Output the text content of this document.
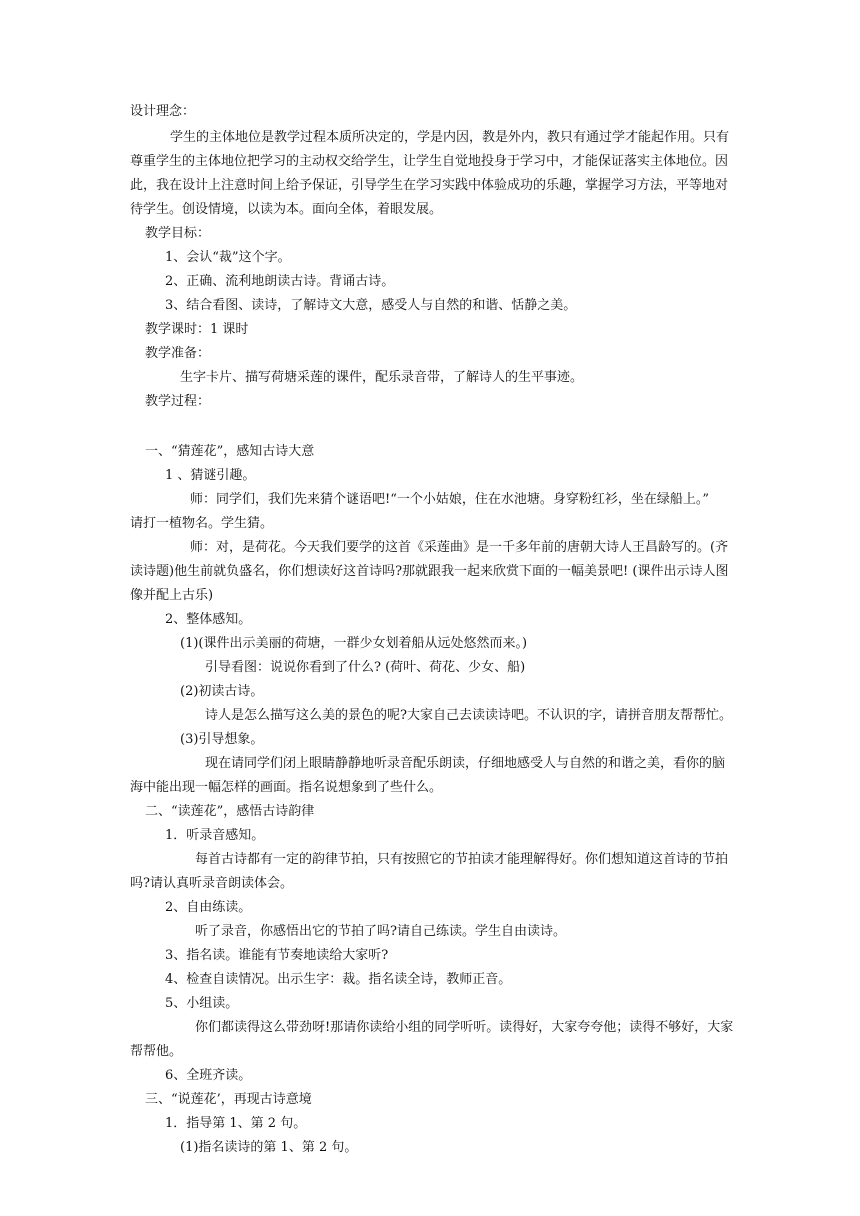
设计理念：
学生的主体地位是教学过程本质所决定的，学是内因，教是外内，教只有通过学才能起作用。只有
尊重学生的主体地位把学习的主动权交给学生，让学生自觉地投身于学习中，才能保证落实主体地位。因
此，我在设计上注意时间上给予保证，引导学生在学习实践中体验成功的乐趣，掌握学习方法，平等地对
待学生。创设情境，以读为本。面向全体，着眼发展。
教学目标：
1、会认“裁”这个字。
2、正确、流利地朗读古诗。背诵古诗。
3、结合看图、读诗，了解诗文大意，感受人与自然的和谐、恬静之美。
教学课时：1 课时
教学准备：
生字卡片、描写荷塘采莲的课件，配乐录音带，了解诗人的生平事迹。
教学过程：
一、“猜莲花”，感知古诗大意
1 、猜谜引趣。
师：同学们，我们先来猜个谜语吧!“一个小姑娘，住在水池塘。身穿粉红衫，坐在绿船上。”
请打一植物名。学生猜。
师：对，是荷花。今天我们要学的这首《采莲曲》是一千多年前的唐朝大诗人王昌龄写的。(齐
读诗题)他生前就负盛名，你们想读好这首诗吗?那就跟我一起来欣赏下面的一幅美景吧! (课件出示诗人图
像并配上古乐)
2、整体感知。
(1)(课件出示美丽的荷塘，一群少女划着船从远处悠然而来。)
引导看图：说说你看到了什么? (荷叶、荷花、少女、船)
(2)初读古诗。
诗人是怎么描写这么美的景色的呢?大家自己去读读诗吧。不认识的字，请拼音朋友帮帮忙。
(3)引导想象。
现在请同学们闭上眼睛静静地听录音配乐朗读，仔细地感受人与自然的和谐之美，看你的脑
海中能出现一幅怎样的画面。指名说想象到了些什么。
二、“读莲花”，感悟古诗韵律
1．听录音感知。
每首古诗都有一定的韵律节拍，只有按照它的节拍读才能理解得好。你们想知道这首诗的节拍
吗?请认真听录音朗读体会。
2、自由练读。
听了录音，你感悟出它的节拍了吗?请自己练读。学生自由读诗。
3、指名读。谁能有节奏地读给大家听?
4、检查自读情况。出示生字：裁。指名读全诗，教师正音。
5、小组读。
你们都读得这么带劲呀!那请你读给小组的同学听听。读得好，大家夸夸他；读得不够好，大家
帮帮他。
6、全班齐读。
三、“说莲花’，再现古诗意境
1．指导第 1、第 2 句。
(1)指名读诗的第 1、第 2 句。
